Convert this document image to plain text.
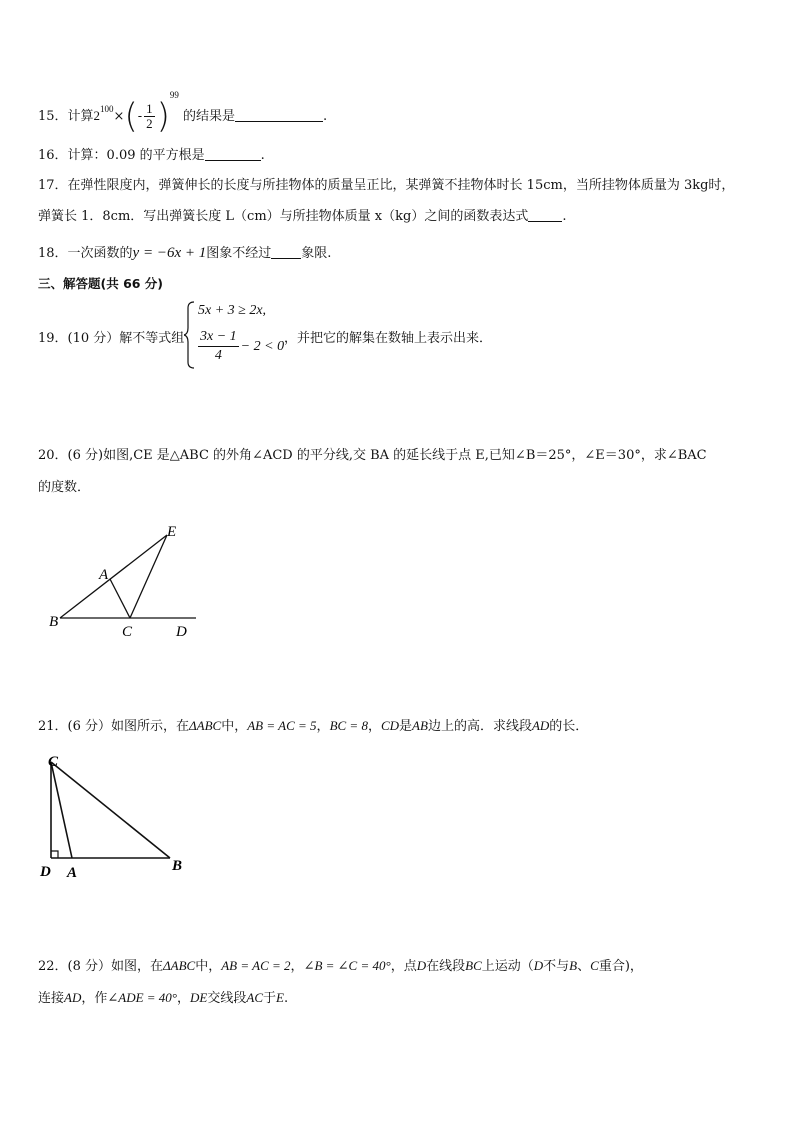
15．计算$2^{100}\times(- \frac{1}{2} )^{99}$ 的结果是	.
16．计算：0.09 的平方根是	.
17．在弹性限度内，弹簧伸长的长度与所挂物体的质量呈正比，某弹簧不挂物体时长 15cm，当所挂物体质量为 3kg时，
弹簧长 1．8cm．写出弹簧长度 L（cm）与所挂物体质量 x（kg）之间的函数表达式	.
18．一次函数的y = −6x + 1图象不经过 象限.
三、解答题(共 66 分)
19．(10 分）解不等式组
5x + 3 ≥ 2x,
$\frac{3x - 1}{4} - 2 < 0$ ，并把它的解集在数轴上表示出来．
20．(6 分)如图,CE 是△ABC 的外角∠ACD 的平分线,交 BA 的延长线于点 E,已知∠B＝25°，∠E＝30°，求∠BAC
的度数．
E
A
B
C	D
21．(6 分）如图所示，在ΔABC中，AB = AC = 5，BC = 8，CD是AB边上的高．求线段AD的长．
C
D A	B
22．(8 分）如图，在ΔABC中，AB = AC = 2，∠B = ∠C = 40°，点D在线段BC上运动（D不与B、C重合)，
连接AD，作∠ADE = 40°，DE交线段AC于E.
